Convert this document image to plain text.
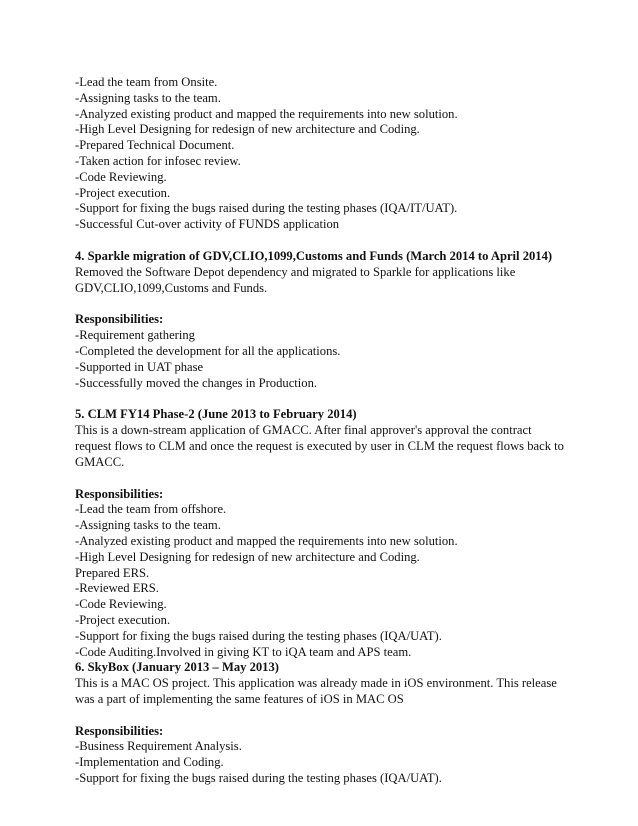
-Lead the team from Onsite.
-Assigning tasks to the team.
-Analyzed existing product and mapped the requirements into new solution.
-High Level Designing for redesign of new architecture and Coding.
-Prepared Technical Document.
-Taken action for infosec review.
-Code Reviewing.
-Project execution.
-Support for fixing the bugs raised during the testing phases (IQA/IT/UAT).
-Successful Cut-over activity of FUNDS application
4. Sparkle migration of GDV,CLIO,1099,Customs and Funds (March 2014 to April 2014)
Removed the Software Depot dependency and migrated to Sparkle for applications like
GDV,CLIO,1099,Customs and Funds.
Responsibilities:
-Requirement gathering
-Completed the development for all the applications.
-Supported in UAT phase
-Successfully moved the changes in Production.
5. CLM FY14 Phase-2 (June 2013 to February 2014)
This is a down-stream application of GMACC. After final approver's approval the contract
request flows to CLM and once the request is executed by user in CLM the request flows back to
GMACC.
Responsibilities:
-Lead the team from offshore.
-Assigning tasks to the team.
-Analyzed existing product and mapped the requirements into new solution.
-High Level Designing for redesign of new architecture and Coding.
Prepared ERS.
-Reviewed ERS.
-Code Reviewing.
-Project execution.
-Support for fixing the bugs raised during the testing phases (IQA/UAT).
-Code Auditing.Involved in giving KT to iQA team and APS team.
6. SkyBox (January 2013 – May 2013)
This is a MAC OS project. This application was already made in iOS environment. This release
was a part of implementing the same features of iOS in MAC OS
Responsibilities:
-Business Requirement Analysis.
-Implementation and Coding.
-Support for fixing the bugs raised during the testing phases (IQA/UAT).
